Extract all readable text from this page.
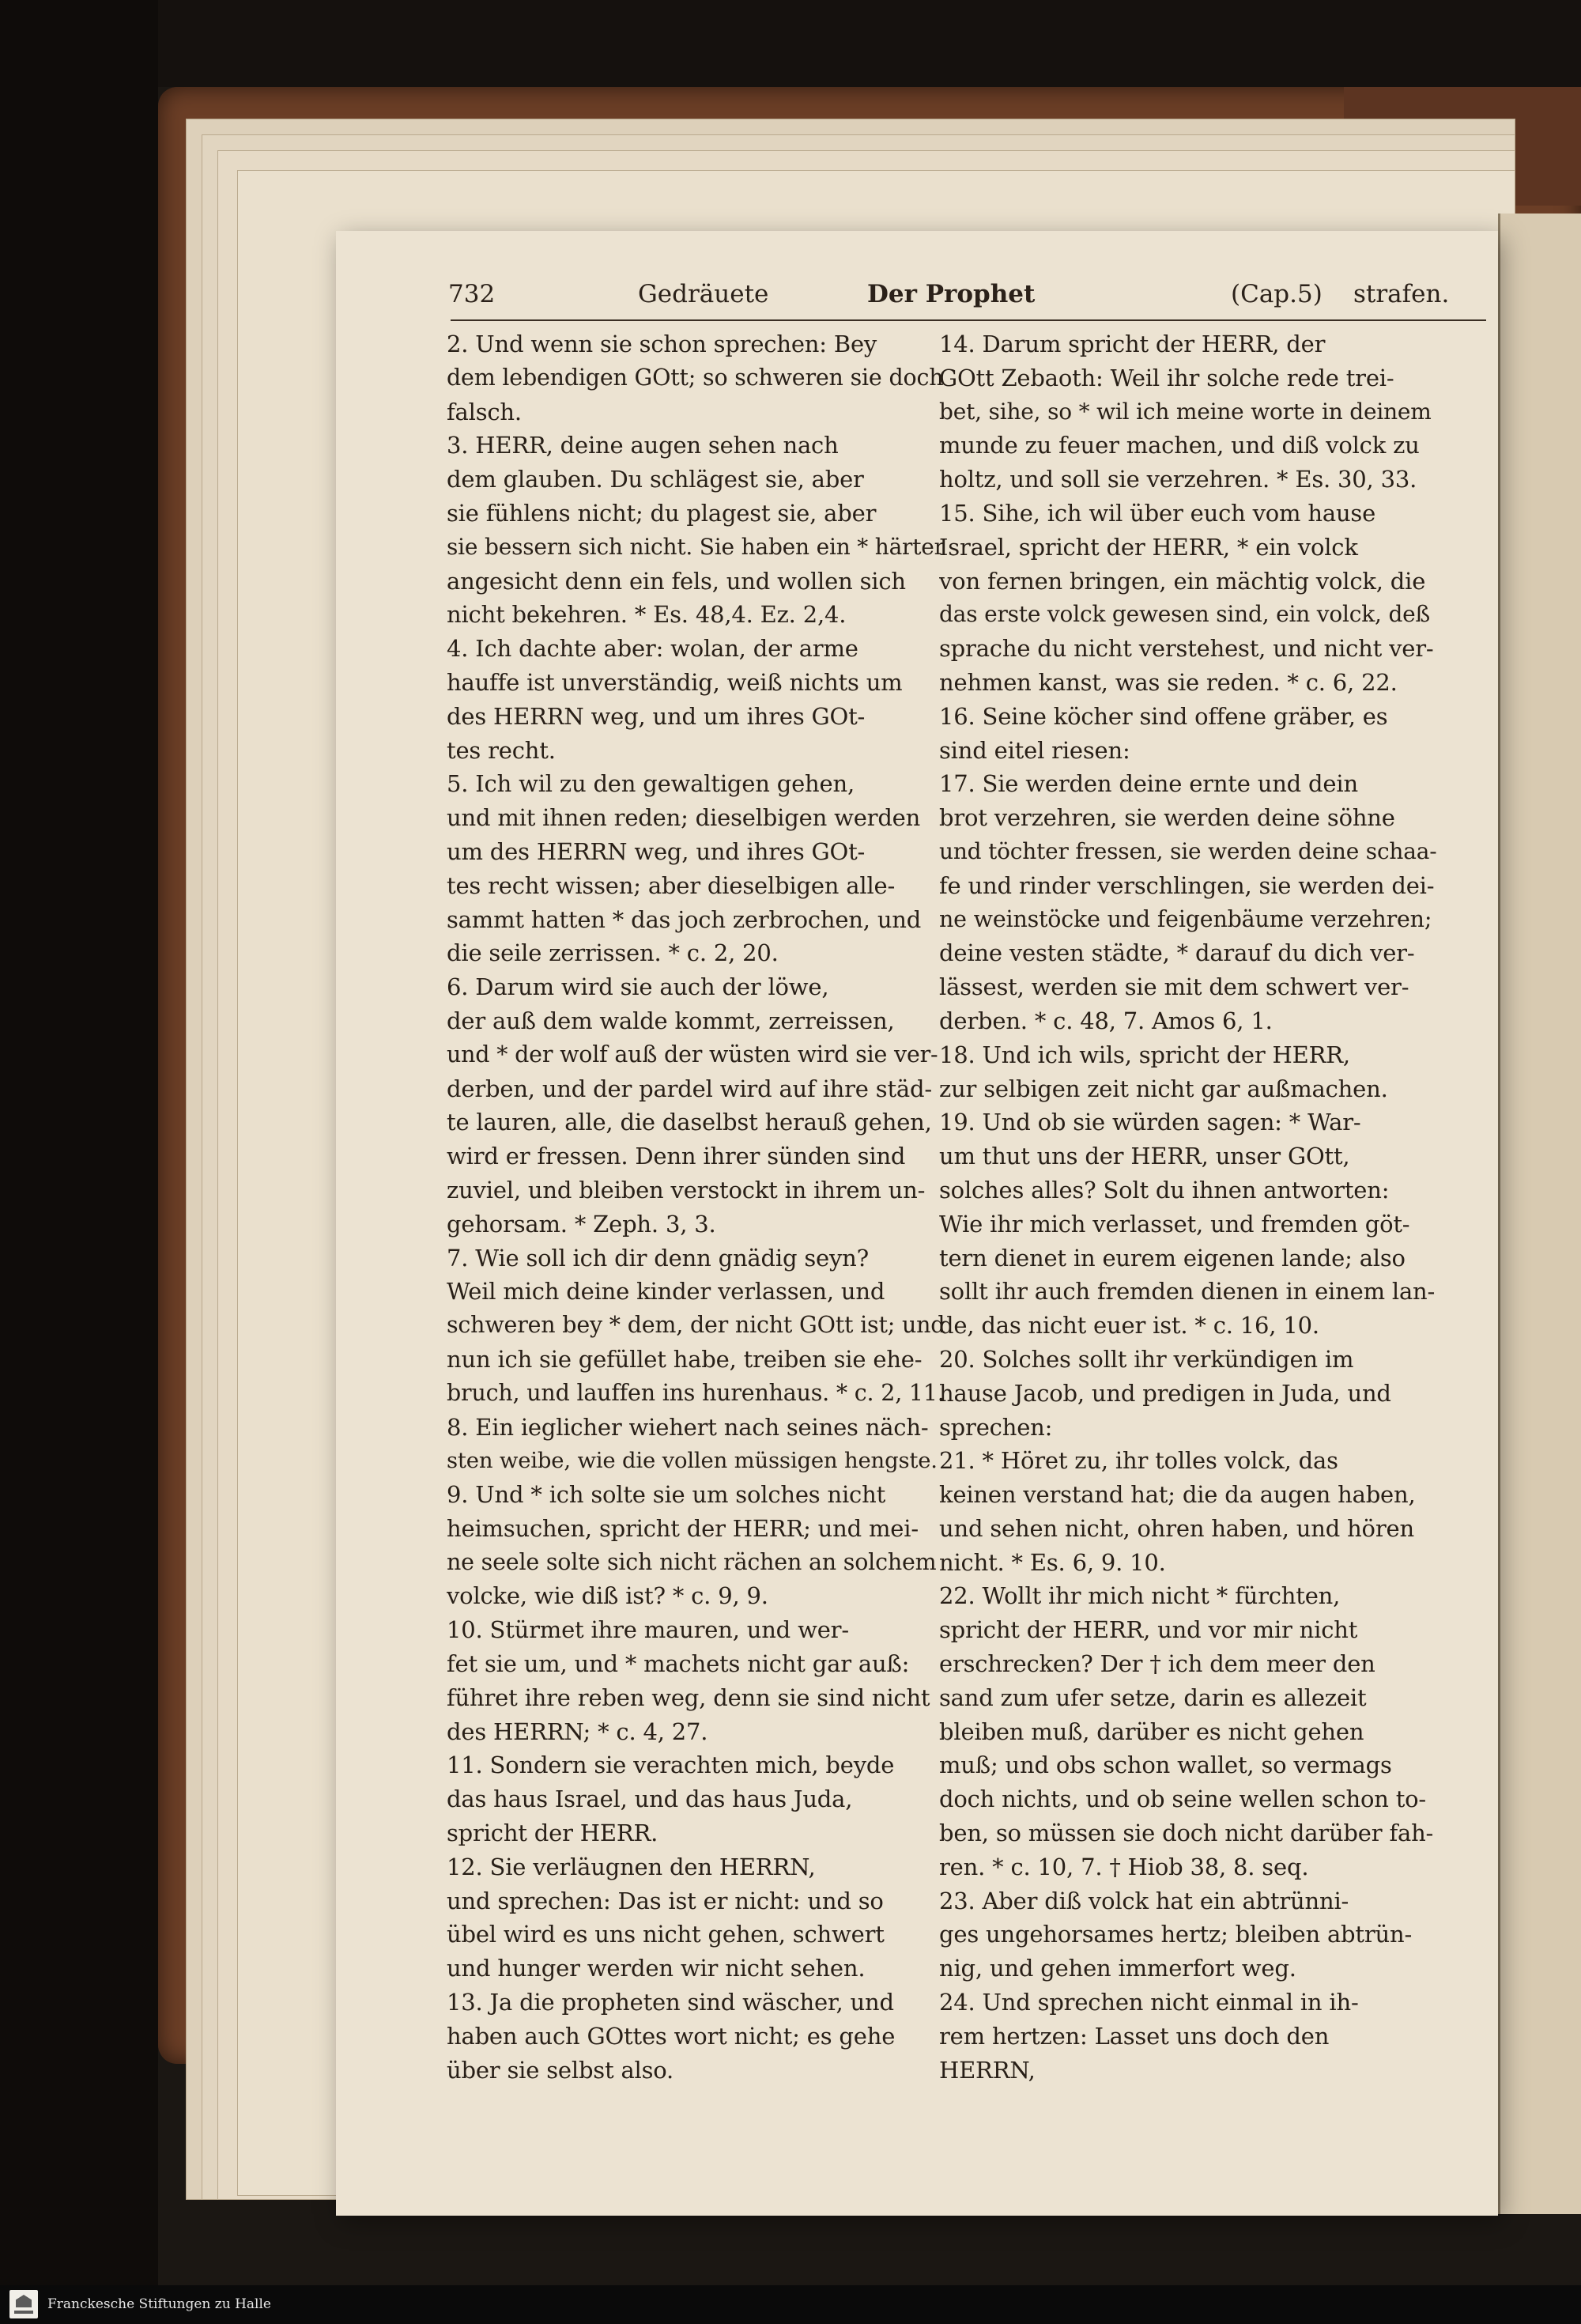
732	Gedräuete	Der Prophet	(Cap.5) strafen.
2. Und wenn sie schon sprechen: Bey
dem lebendigen GOtt; so schweren sie doch
falsch.
3. HERR, deine augen sehen nach
dem glauben. Du schlägest sie, aber
sie fühlens nicht; du plagest sie, aber
sie bessern sich nicht. Sie haben ein * härter
angesicht denn ein fels, und wollen sich
nicht bekehren. * Es. 48,4. Ez. 2,4.
4. Ich dachte aber: wolan, der arme
hauffe ist unverständig, weiß nichts um
des HERRN weg, und um ihres GOt-
tes recht.
5. Ich wil zu den gewaltigen gehen,
und mit ihnen reden; dieselbigen werden
um des HERRN weg, und ihres GOt-
tes recht wissen; aber dieselbigen alle-
sammt hatten * das joch zerbrochen, und
die seile zerrissen. * c. 2, 20.
6. Darum wird sie auch der löwe,
der auß dem walde kommt, zerreissen,
und * der wolf auß der wüsten wird sie ver-
derben, und der pardel wird auf ihre städ-
te lauren, alle, die daselbst herauß gehen,
wird er fressen. Denn ihrer sünden sind
zuviel, und bleiben verstockt in ihrem un-
gehorsam. * Zeph. 3, 3.
7. Wie soll ich dir denn gnädig seyn?
Weil mich deine kinder verlassen, und
schweren bey * dem, der nicht GOtt ist; und
nun ich sie gefüllet habe, treiben sie ehe-
bruch, und lauffen ins hurenhaus. * c. 2, 11.
8. Ein ieglicher wiehert nach seines näch-
sten weibe, wie die vollen müssigen hengste.
9. Und * ich solte sie um solches nicht
heimsuchen, spricht der HERR; und mei-
ne seele solte sich nicht rächen an solchem
volcke, wie diß ist? * c. 9, 9.
10. Stürmet ihre mauren, und wer-
fet sie um, und * machets nicht gar auß:
führet ihre reben weg, denn sie sind nicht
des HERRN; * c. 4, 27.
11. Sondern sie verachten mich, beyde
das haus Israel, und das haus Juda,
spricht der HERR.
12. Sie verläugnen den HERRN,
und sprechen: Das ist er nicht: und so
übel wird es uns nicht gehen, schwert
und hunger werden wir nicht sehen.
13. Ja die propheten sind wäscher, und
haben auch GOttes wort nicht; es gehe
über sie selbst also.
14. Darum spricht der HERR, der
GOtt Zebaoth: Weil ihr solche rede trei-
bet, sihe, so * wil ich meine worte in deinem
munde zu feuer machen, und diß volck zu
holtz, und soll sie verzehren. * Es. 30, 33.
15. Sihe, ich wil über euch vom hause
Israel, spricht der HERR, * ein volck
von fernen bringen, ein mächtig volck, die
das erste volck gewesen sind, ein volck, deß
sprache du nicht verstehest, und nicht ver-
nehmen kanst, was sie reden. * c. 6, 22.
16. Seine köcher sind offene gräber, es
sind eitel riesen:
17. Sie werden deine ernte und dein
brot verzehren, sie werden deine söhne
und töchter fressen, sie werden deine schaa-
fe und rinder verschlingen, sie werden dei-
ne weinstöcke und feigenbäume verzehren;
deine vesten städte, * darauf du dich ver-
lässest, werden sie mit dem schwert ver-
derben. * c. 48, 7. Amos 6, 1.
18. Und ich wils, spricht der HERR,
zur selbigen zeit nicht gar außmachen.
19. Und ob sie würden sagen: * War-
um thut uns der HERR, unser GOtt,
solches alles? Solt du ihnen antworten:
Wie ihr mich verlasset, und fremden göt-
tern dienet in eurem eigenen lande; also
sollt ihr auch fremden dienen in einem lan-
de, das nicht euer ist. * c. 16, 10.
20. Solches sollt ihr verkündigen im
hause Jacob, und predigen in Juda, und
sprechen:
21. * Höret zu, ihr tolles volck, das
keinen verstand hat; die da augen haben,
und sehen nicht, ohren haben, und hören
nicht. * Es. 6, 9. 10.
22. Wollt ihr mich nicht * fürchten,
spricht der HERR, und vor mir nicht
erschrecken? Der † ich dem meer den
sand zum ufer setze, darin es allezeit
bleiben muß, darüber es nicht gehen
muß; und obs schon wallet, so vermags
doch nichts, und ob seine wellen schon to-
ben, so müssen sie doch nicht darüber fah-
ren. * c. 10, 7. † Hiob 38, 8. seq.
23. Aber diß volck hat ein abtrünni-
ges ungehorsames hertz; bleiben abtrün-
nig, und gehen immerfort weg.
24. Und sprechen nicht einmal in ih-
rem hertzen: Lasset uns doch den
HERRN,
Franckesche Stiftungen zu Halle
